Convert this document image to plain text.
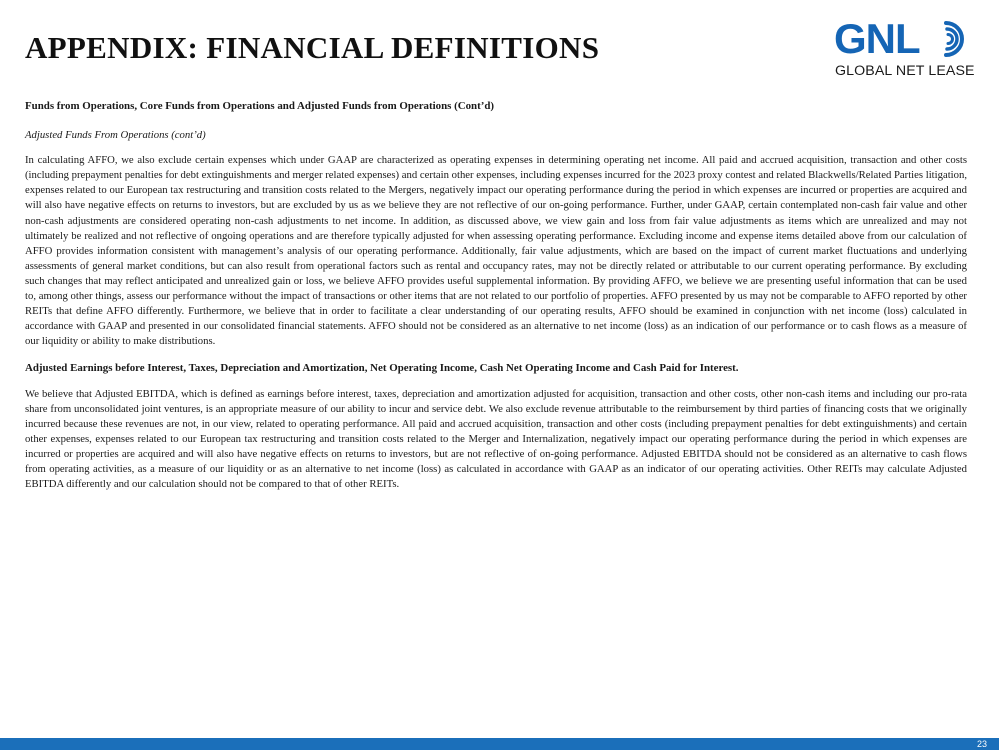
APPENDIX: FINANCIAL DEFINITIONS	GNL
GLOBAL NET LEASE

Funds from Operations, Core Funds from Operations and Adjusted Funds from Operations (Cont’d)

Adjusted Funds From Operations (cont’d)

In calculating AFFO, we also exclude certain expenses which under GAAP are characterized as operating expenses in determining operating net income. All paid and accrued acquisition, transaction and other costs (including prepayment penalties for debt extinguishments and merger related expenses) and certain other expenses, including expenses incurred for the 2023 proxy contest and related Blackwells/Related Parties litigation, expenses related to our European tax restructuring and transition costs related to the Mergers, negatively impact our operating performance during the period in which expenses are incurred or properties are acquired and will also have negative effects on returns to investors, but are excluded by us as we believe they are not reflective of our on-going performance. Further, under GAAP, certain contemplated non-cash fair value and other non-cash adjustments are considered operating non-cash adjustments to net income. In addition, as discussed above, we view gain and loss from fair value adjustments as items which are unrealized and may not ultimately be realized and not reflective of ongoing operations and are therefore typically adjusted for when assessing operating performance. Excluding income and expense items detailed above from our calculation of AFFO provides information consistent with management’s analysis of our operating performance. Additionally, fair value adjustments, which are based on the impact of current market fluctuations and underlying assessments of general market conditions, but can also result from operational factors such as rental and occupancy rates, may not be directly related or attributable to our current operating performance. By excluding such changes that may reflect anticipated and unrealized gain or loss, we believe AFFO provides useful supplemental information. By providing AFFO, we believe we are presenting useful information that can be used to, among other things, assess our performance without the impact of transactions or other items that are not related to our portfolio of properties. AFFO presented by us may not be comparable to AFFO reported by other REITs that define AFFO differently. Furthermore, we believe that in order to facilitate a clear understanding of our operating results, AFFO should be examined in conjunction with net income (loss) calculated in accordance with GAAP and presented in our consolidated financial statements. AFFO should not be considered as an alternative to net income (loss) as an indication of our performance or to cash flows as a measure of our liquidity or ability to make distributions.

Adjusted Earnings before Interest, Taxes, Depreciation and Amortization, Net Operating Income, Cash Net Operating Income and Cash Paid for Interest.

We believe that Adjusted EBITDA, which is defined as earnings before interest, taxes, depreciation and amortization adjusted for acquisition, transaction and other costs, other non-cash items and including our pro-rata share from unconsolidated joint ventures, is an appropriate measure of our ability to incur and service debt. We also exclude revenue attributable to the reimbursement by third parties of financing costs that we originally incurred because these revenues are not, in our view, related to operating performance. All paid and accrued acquisition, transaction and other costs (including prepayment penalties for debt extinguishments) and certain other expenses, expenses related to our European tax restructuring and transition costs related to the Merger and Internalization, negatively impact our operating performance during the period in which expenses are incurred or properties are acquired and will also have negative effects on returns to investors, but are not reflective of on-going performance. Adjusted EBITDA should not be considered as an alternative to cash flows from operating activities, as a measure of our liquidity or as an alternative to net income (loss) as calculated in accordance with GAAP as an indicator of our operating activities. Other REITs may calculate Adjusted EBITDA differently and our calculation should not be compared to that of other REITs.

23
